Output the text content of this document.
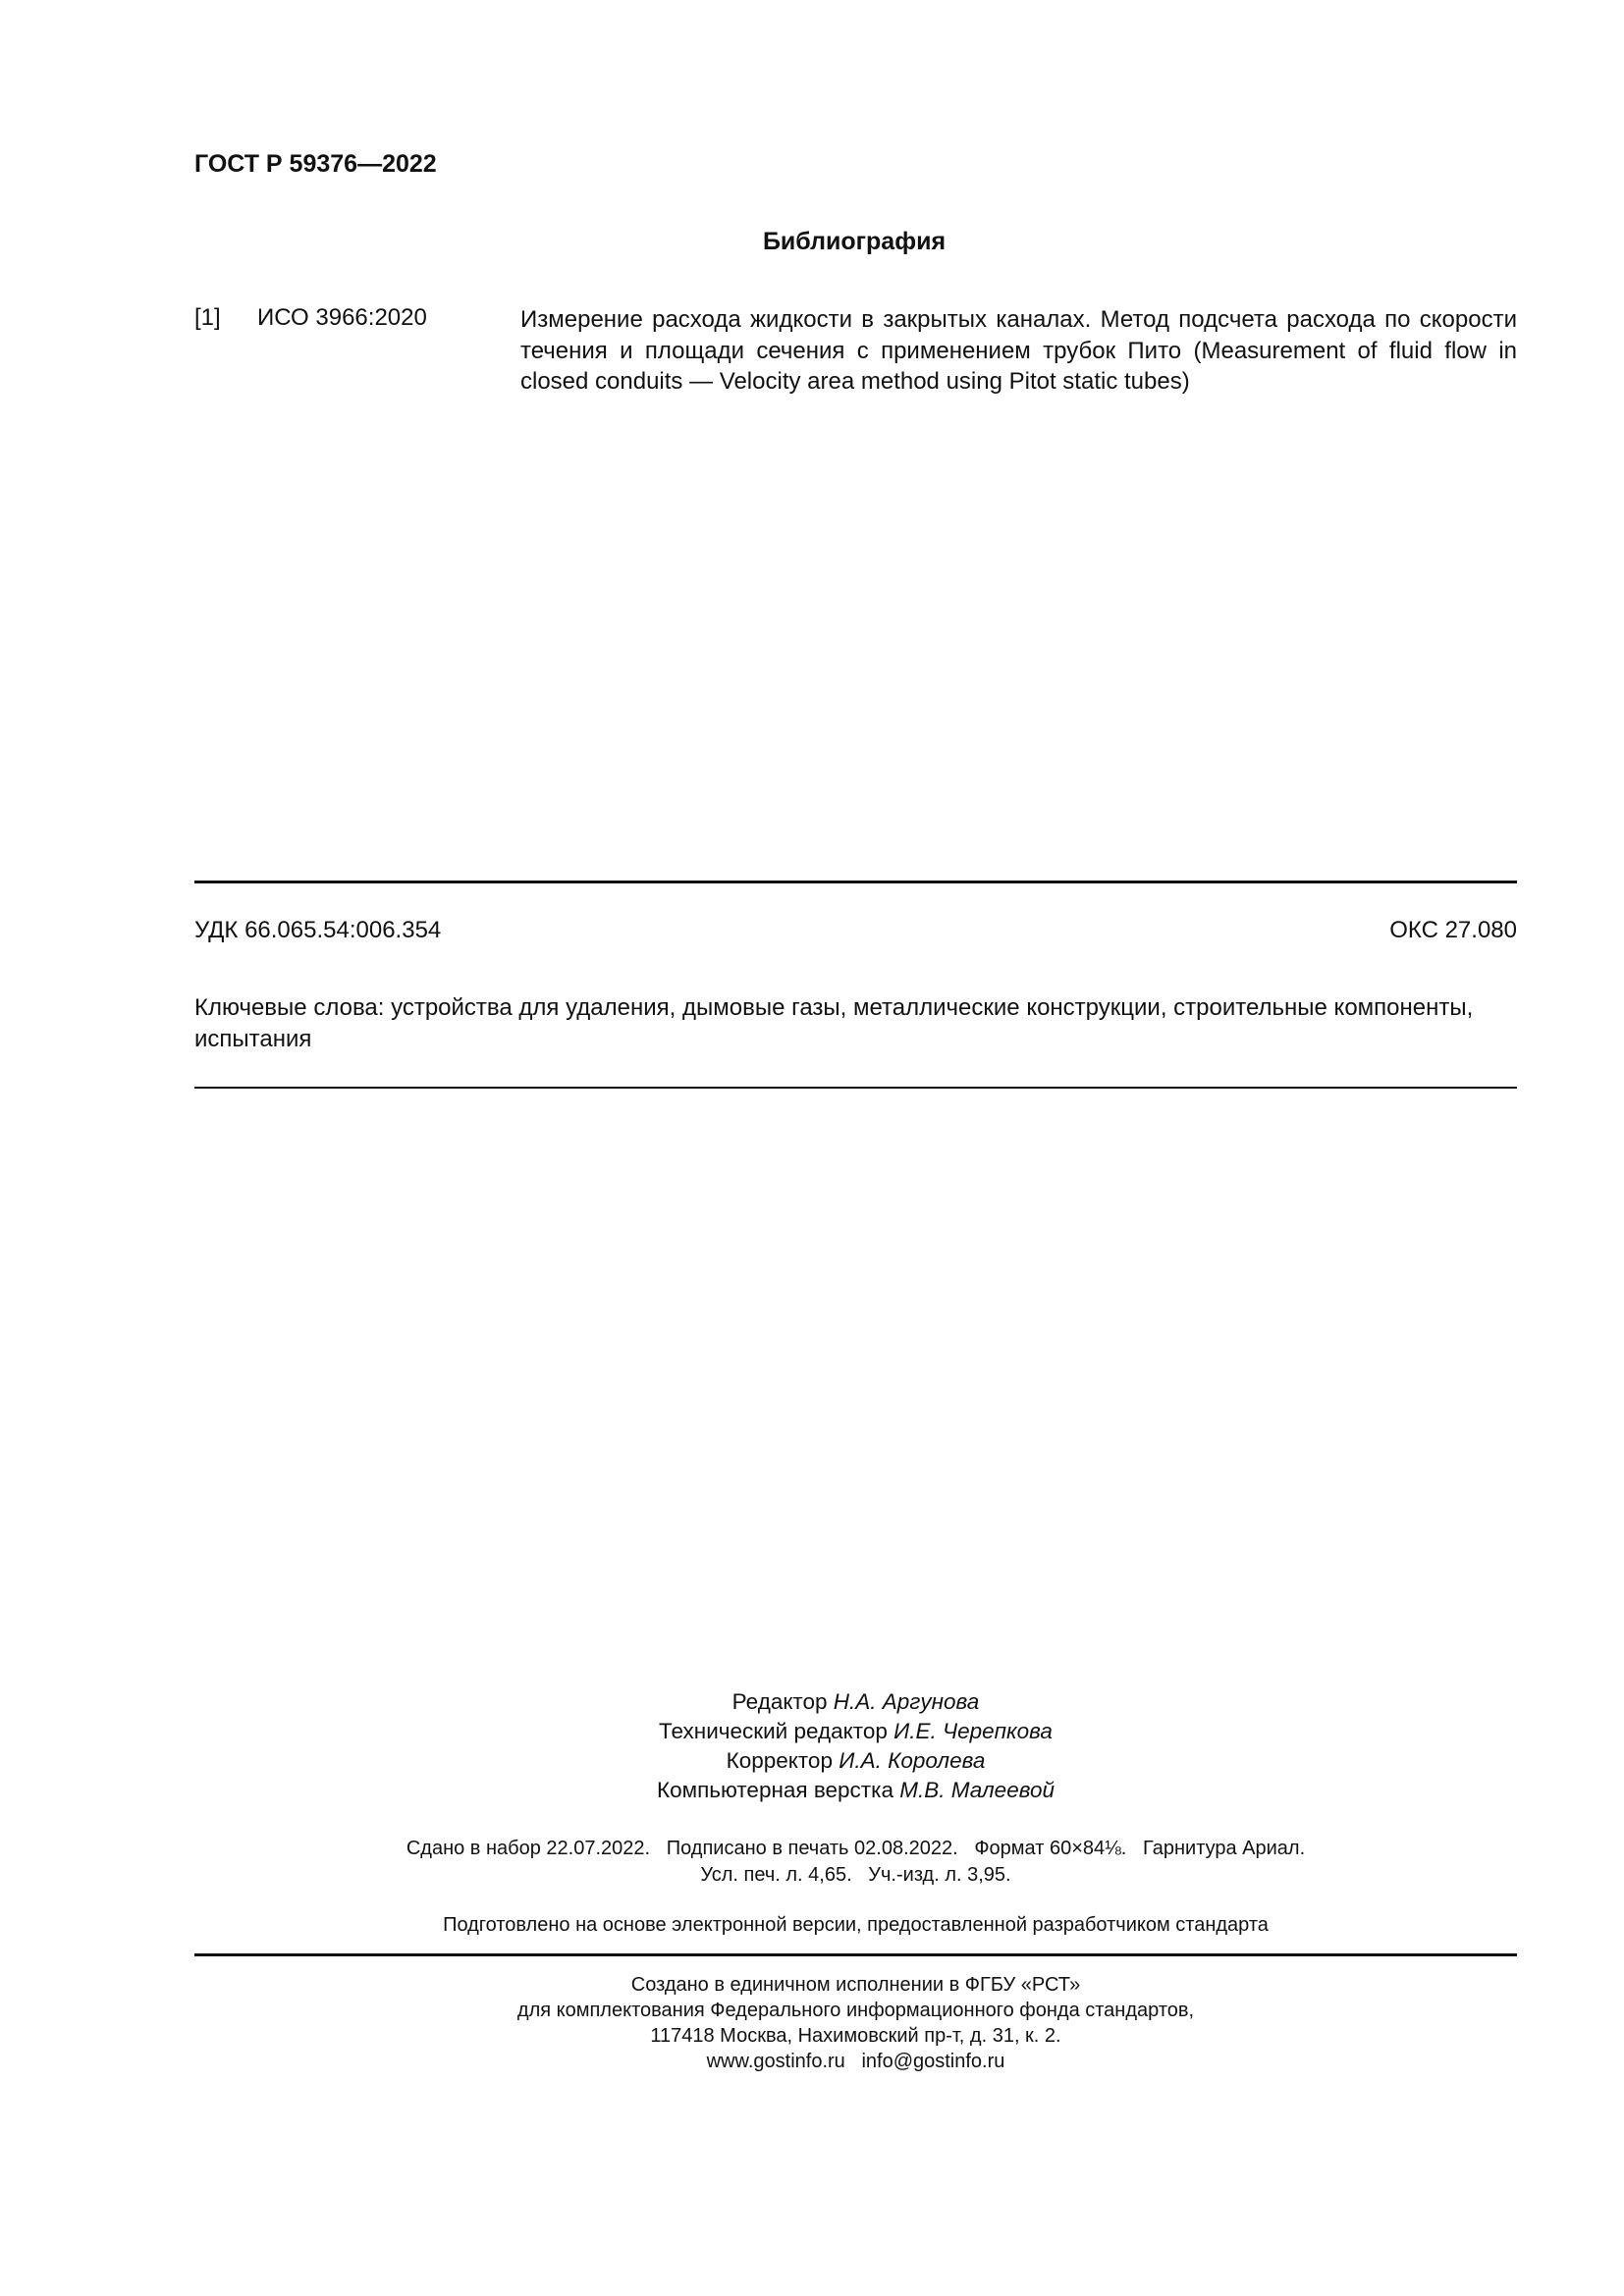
ГОСТ Р 59376—2022
Библиография
[1] ИСО 3966:2020	Измерение расхода жидкости в закрытых каналах. Метод подсчета расхода по скорости течения и площади сечения с применением трубок Пито (Measurement of fluid flow in closed conduits — Velocity area method using Pitot static tubes)
УДК 66.065.54:006.354	ОКС 27.080
Ключевые слова: устройства для удаления, дымовые газы, металлические конструкции, строительные компоненты, испытания
Редактор Н.А. Аргунова
Технический редактор И.Е. Черепкова
Корректор И.А. Королева
Компьютерная верстка М.В. Малеевой
Сдано в набор 22.07.2022.   Подписано в печать 02.08.2022.   Формат 60×84⅛.   Гарнитура Ариал.
Усл. печ. л. 4,65.   Уч.-изд. л. 3,95.
Подготовлено на основе электронной версии, предоставленной разработчиком стандарта
Создано в единичном исполнении в ФГБУ «РСТ»
для комплектования Федерального информационного фонда стандартов,
117418 Москва, Нахимовский пр-т, д. 31, к. 2.
www.gostinfo.ru   info@gostinfo.ru
